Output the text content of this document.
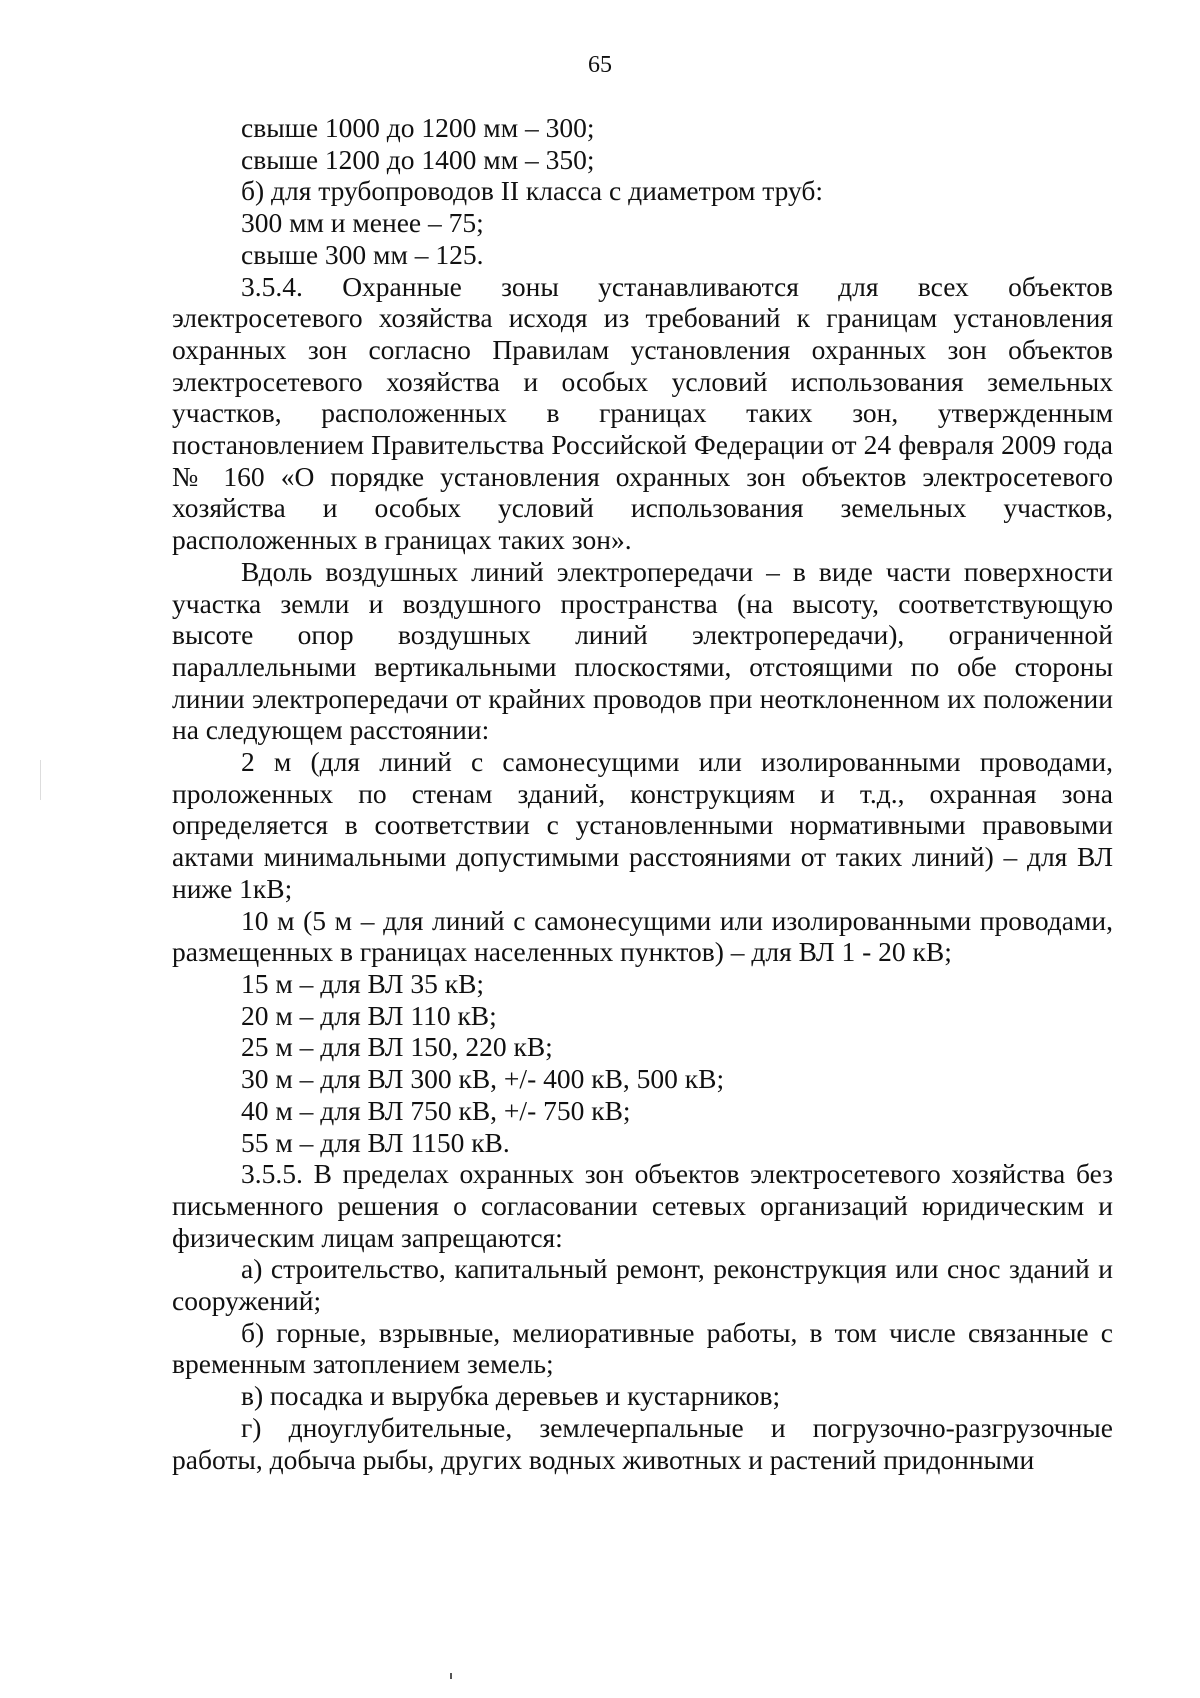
65

свыше 1000 до 1200 мм – 300;

свыше 1200 до 1400 мм – 350;

б) для трубопроводов II класса с диаметром труб:

300 мм и менее – 75;

свыше 300 мм – 125.

3.5.4. Охранные зоны устанавливаются для всех объектов электросетевого хозяйства исходя из требований к границам установления охранных зон согласно Правилам установления охранных зон объектов электросетевого хозяйства и особых условий использования земельных участков, расположенных в границах таких зон, утвержденным постановлением Правительства Российской Федерации от 24 февраля 2009 года № 160 «О порядке установления охранных зон объектов электросетевого хозяйства и особых условий использования земельных участков, расположенных в границах таких зон».

Вдоль воздушных линий электропередачи – в виде части поверхности участка земли и воздушного пространства (на высоту, соответствующую высоте опор воздушных линий электропередачи), ограниченной параллельными вертикальными плоскостями, отстоящими по обе стороны линии электропередачи от крайних проводов при неотклоненном их положении на следующем расстоянии:

2 м (для линий с самонесущими или изолированными проводами, проложенных по стенам зданий, конструкциям и т.д., охранная зона определяется в соответствии с установленными нормативными правовыми актами минимальными допустимыми расстояниями от таких линий) – для ВЛ ниже 1кВ;

10 м (5 м – для линий с самонесущими или изолированными проводами, размещенных в границах населенных пунктов) – для ВЛ 1 - 20 кВ;

15 м – для ВЛ 35 кВ;

20 м – для ВЛ 110 кВ;

25 м – для ВЛ 150, 220 кВ;

30 м – для ВЛ 300 кВ, +/- 400 кВ, 500 кВ;

40 м – для ВЛ 750 кВ, +/- 750 кВ;

55 м – для ВЛ 1150 кВ.

3.5.5. В пределах охранных зон объектов электросетевого хозяйства без письменного решения о согласовании сетевых организаций юридическим и физическим лицам запрещаются:

а) строительство, капитальный ремонт, реконструкция или снос зданий и сооружений;

б) горные, взрывные, мелиоративные работы, в том числе связанные с временным затоплением земель;

в) посадка и вырубка деревьев и кустарников;

г) дноуглубительные, землечерпальные и погрузочно-разгрузочные работы, добыча рыбы, других водных животных и растений придонными
